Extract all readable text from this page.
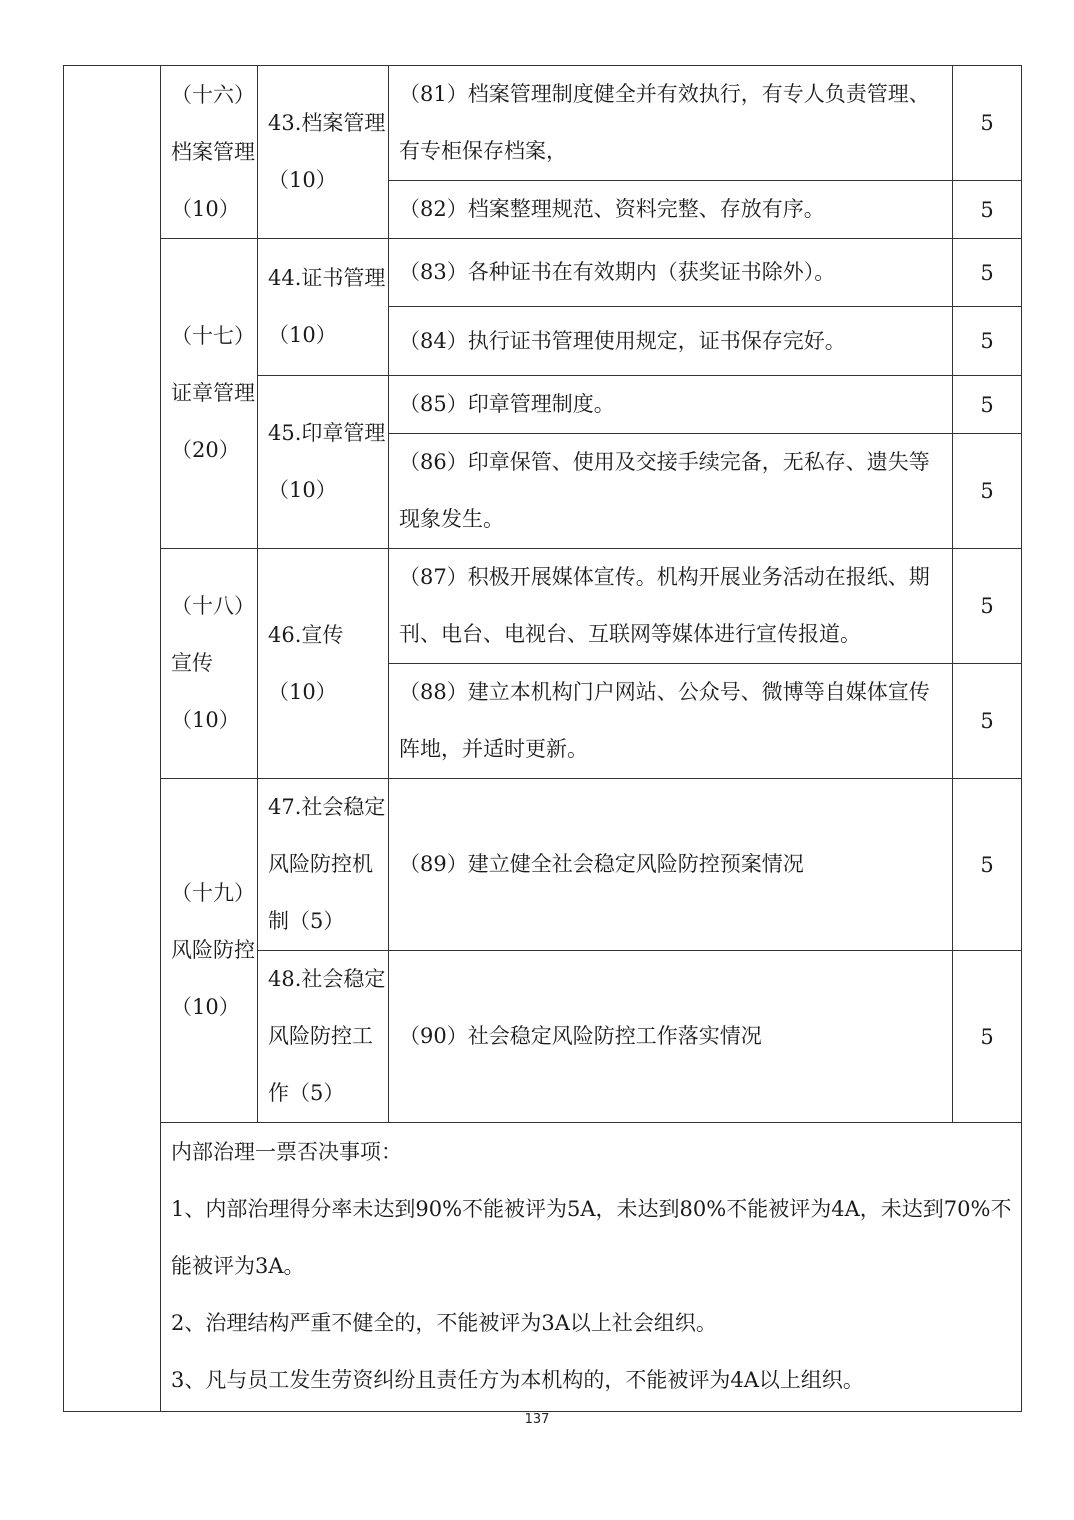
	（十六）档案管理（10）	43.档案管理（10）	（81）档案管理制度健全并有效执行，有专人负责管理、有专柜保存档案，	5
			（82）档案整理规范、资料完整、存放有序。	5
	（十七）证章管理（20）	44.证书管理（10）	（83）各种证书在有效期内（获奖证书除外）。	5
			（84）执行证书管理使用规定，证书保存完好。	5
		45.印章管理（10）	（85）印章管理制度。	5
			（86）印章保管、使用及交接手续完备，无私存、遗失等现象发生。	5
	（十八）宣传（10）	46.宣传（10）	（87）积极开展媒体宣传。机构开展业务活动在报纸、期刊、电台、电视台、互联网等媒体进行宣传报道。	5
			（88）建立本机构门户网站、公众号、微博等自媒体宣传阵地，并适时更新。	5
	（十九）风险防控（10）	47.社会稳定风险防控机制（5）	（89）建立健全社会稳定风险防控预案情况	5
		48.社会稳定风险防控工作（5）	（90）社会稳定风险防控工作落实情况	5

	内部治理一票否决事项：
1、内部治理得分率未达到90%不能被评为5A，未达到80%不能被评为4A，未达到70%不能被评为3A。
2、治理结构严重不健全的，不能被评为3A以上社会组织。
3、凡与员工发生劳资纠纷且责任方为本机构的，不能被评为4A以上组织。			
137
